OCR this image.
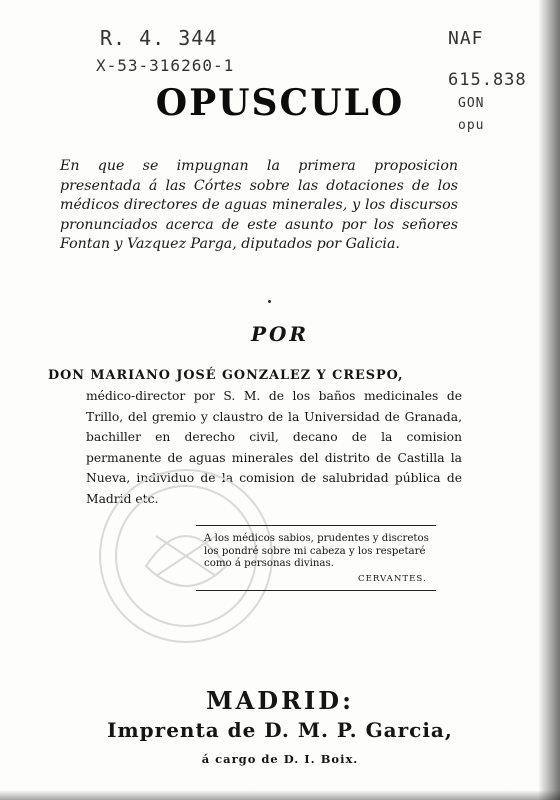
R. 4. 344
X-53-316260-1
NAF
615.838
GON
opu
OPUSCULO
En que se impugnan la primera proposicion presentada á las Córtes sobre las dotaciones de los médicos directores de aguas minerales, y los discursos pronunciados acerca de este asunto por los señores Fontan y Vazquez Parga, diputados por Galicia.
POR
DON MARIANO JOSÉ GONZALEZ Y CRESPO,
médico-director por S. M. de los baños medicinales de Trillo, del gremio y claustro de la Universidad de Granada, bachiller en derecho civil, decano de la comision permanente de aguas minerales del distrito de Castilla la Nueva, individuo de la comision de salubridad pública de Madrid etc.
A los médicos sabios, prudentes y discretos
los pondré sobre mi cabeza y los respetaré como á personas divinas.
CERVANTES.
MADRID:
Imprenta de D. M. P. Garcia,
á cargo de D. I. Boix.
